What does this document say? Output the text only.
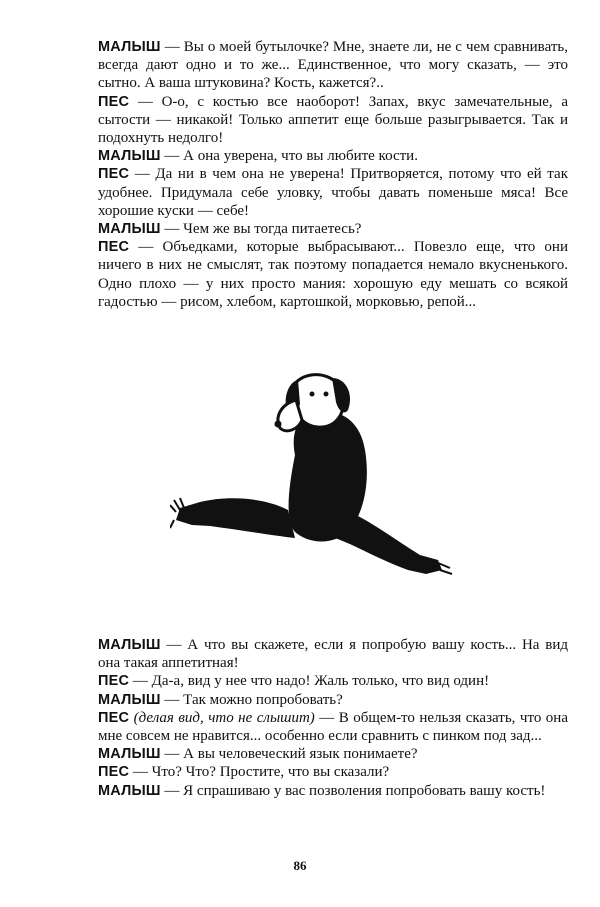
МАЛЫШ — Вы о моей бутылочке? Мне, знаете ли, не с чем сравнивать, всегда дают одно и то же... Единственное, что могу сказать, — это сытно. А ваша штуковина? Кость, кажется?..
ПЕС — О-о, с костью все наоборот! Запах, вкус замечательные, а сытости — никакой! Только аппетит еще больше разыгрывается. Так и подохнуть недолго!
МАЛЫШ — А она уверена, что вы любите кости.
ПЕС — Да ни в чем она не уверена! Притворяется, потому что ей так удобнее. Придумала себе уловку, чтобы давать поменьше мяса! Все хорошие куски — себе!
МАЛЫШ — Чем же вы тогда питаетесь?
ПЕС — Объедками, которые выбрасывают... Повезло еще, что они ничего в них не смыслят, так поэтому попадается немало вкусненького. Одно плохо — у них просто мания: хорошую еду мешать со всякой гадостью — рисом, хлебом, картошкой, морковью, репой...
МАЛЫШ — А что вы скажете, если я попробую вашу кость... На вид она такая аппетитная!
ПЕС — Да-а, вид у нее что надо! Жаль только, что вид один!
МАЛЫШ — Так можно попробовать?
ПЕС (делая вид, что не слышит) — В общем-то нельзя сказать, что она мне совсем не нравится... особенно если сравнить с пинком под зад...
МАЛЫШ — А вы человеческий язык понимаете?
ПЕС — Что? Что? Простите, что вы сказали?
МАЛЫШ — Я спрашиваю у вас позволения попробовать вашу кость!
86
